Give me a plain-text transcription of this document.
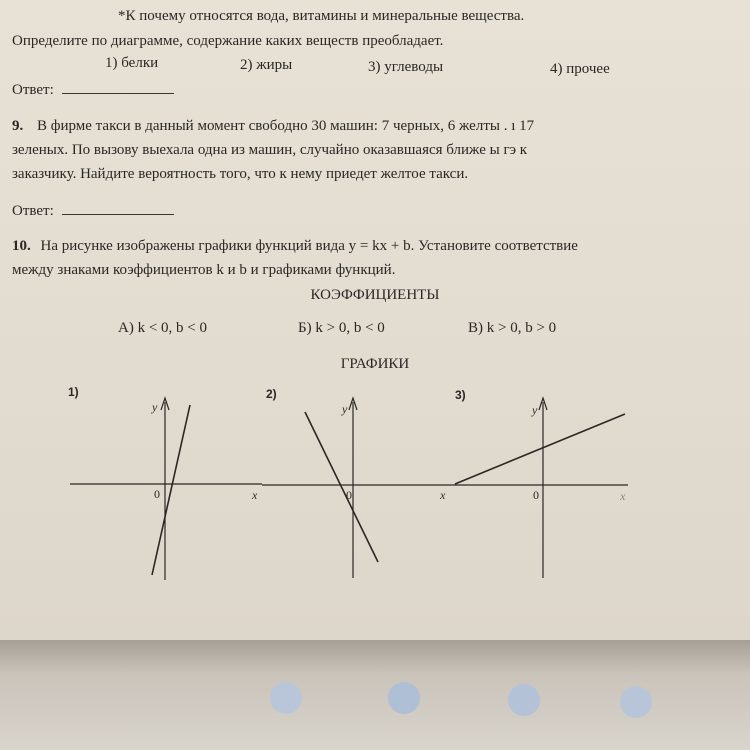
*К почему относятся вода, витамины и минеральные вещества.
Определите по диаграмме, содержание каких веществ преобладает.
1) белки	2) жиры	3) углеводы	4) прочее
Ответ:
9. В фирме такси в данный момент свободно 30 машин: 7 черных, 6 желты . ı 17
зеленых. По вызову выехала одна из машин, случайно оказавшаяся ближе ы гэ к
заказчику. Найдите вероятность того, что к нему приедет желтое такси.
Ответ:
10. На рисунке изображены графики функций вида y = kx + b. Установите соответствие
между знаками коэффициентов k и b и графиками функций.
КОЭФФИЦИЕНТЫ
А) k < 0, b < 0	Б) k > 0, b < 0	В) k > 0, b > 0
ГРАФИКИ
1)	2)	3)
y
x
0
y
x
0
y
x
0
